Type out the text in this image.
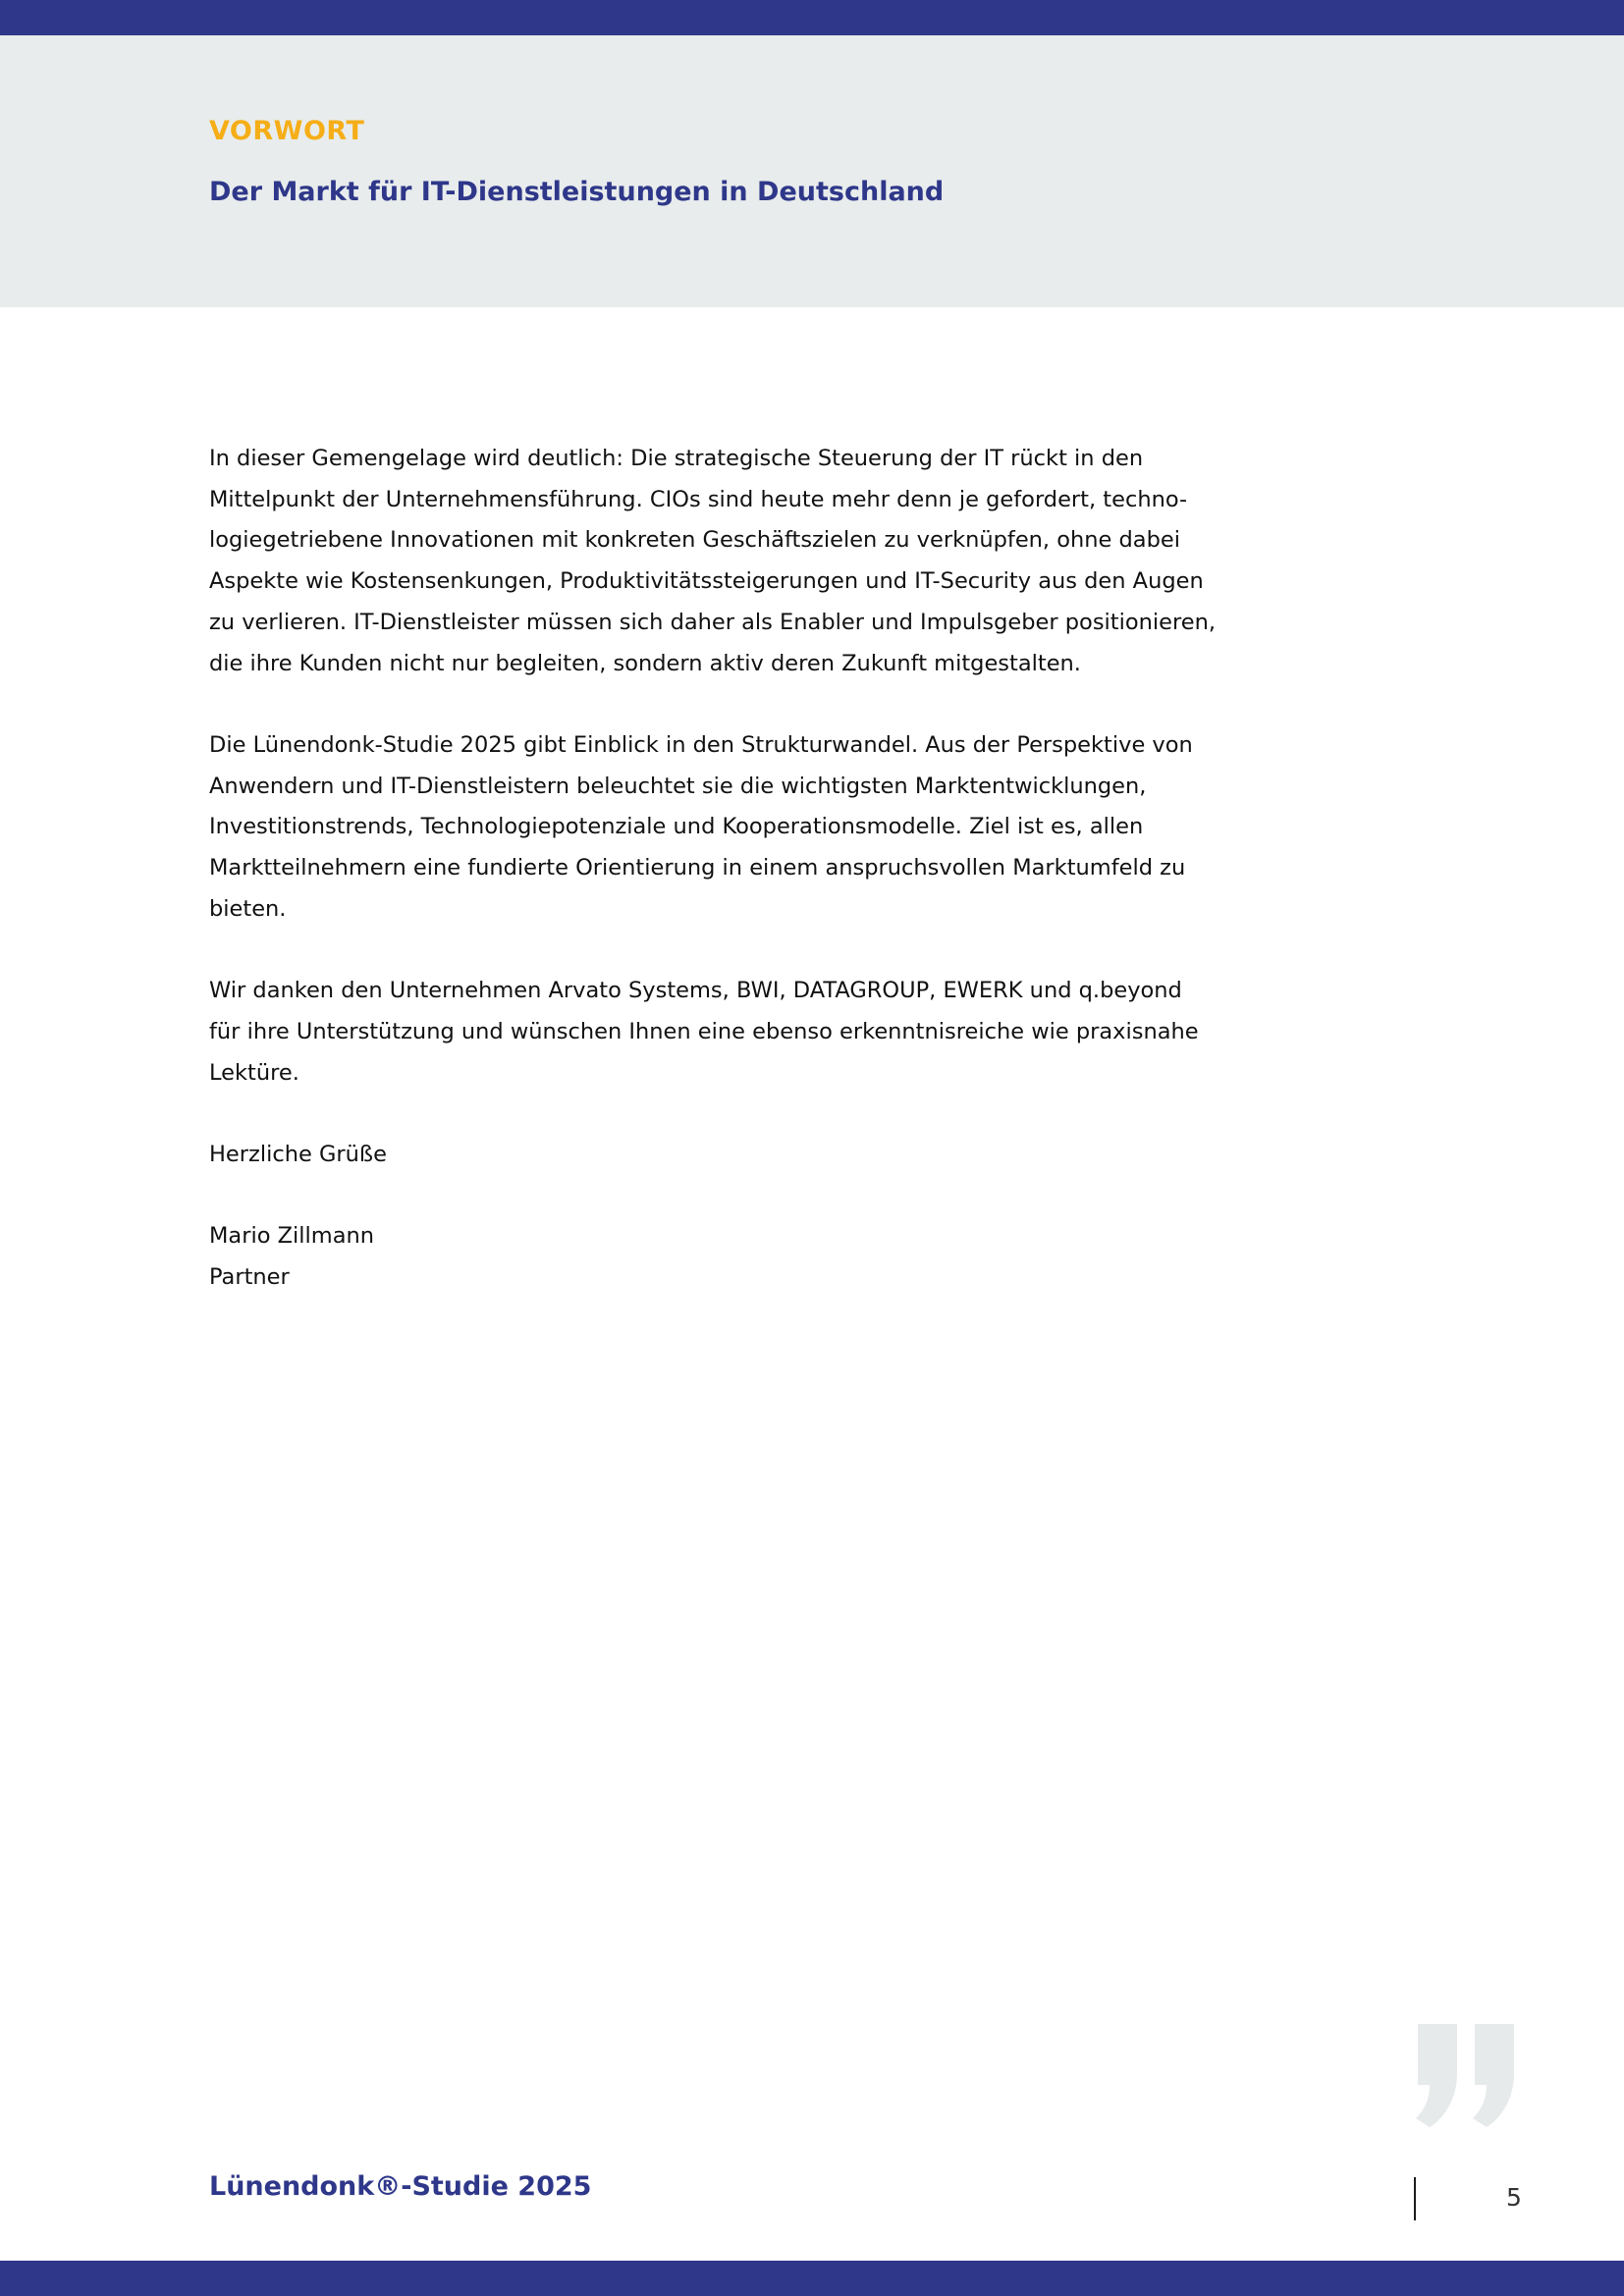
VORWORT
Der Markt für IT-Dienstleistungen in Deutschland

In dieser Gemengelage wird deutlich: Die strategische Steuerung der IT rückt in den
Mittelpunkt der Unternehmensführung. CIOs sind heute mehr denn je gefordert, techno-
logiegetriebene Innovationen mit konkreten Geschäftszielen zu verknüpfen, ohne dabei
Aspekte wie Kostensenkungen, Produktivitätssteigerungen und IT-Security aus den Augen
zu verlieren. IT-Dienstleister müssen sich daher als Enabler und Impulsgeber positionieren,
die ihre Kunden nicht nur begleiten, sondern aktiv deren Zukunft mitgestalten.

Die Lünendonk-Studie 2025 gibt Einblick in den Strukturwandel. Aus der Perspektive von
Anwendern und IT-Dienstleistern beleuchtet sie die wichtigsten Marktentwicklungen,
Investitionstrends, Technologiepotenziale und Kooperationsmodelle. Ziel ist es, allen
Marktteilnehmern eine fundierte Orientierung in einem anspruchsvollen Marktumfeld zu
bieten.

Wir danken den Unternehmen Arvato Systems, BWI, DATAGROUP, EWERK und q.beyond
für ihre Unterstützung und wünschen Ihnen eine ebenso erkenntnisreiche wie praxisnahe
Lektüre.

Herzliche Grüße

Mario Zillmann
Partner

Lünendonk®-Studie 2025	5
